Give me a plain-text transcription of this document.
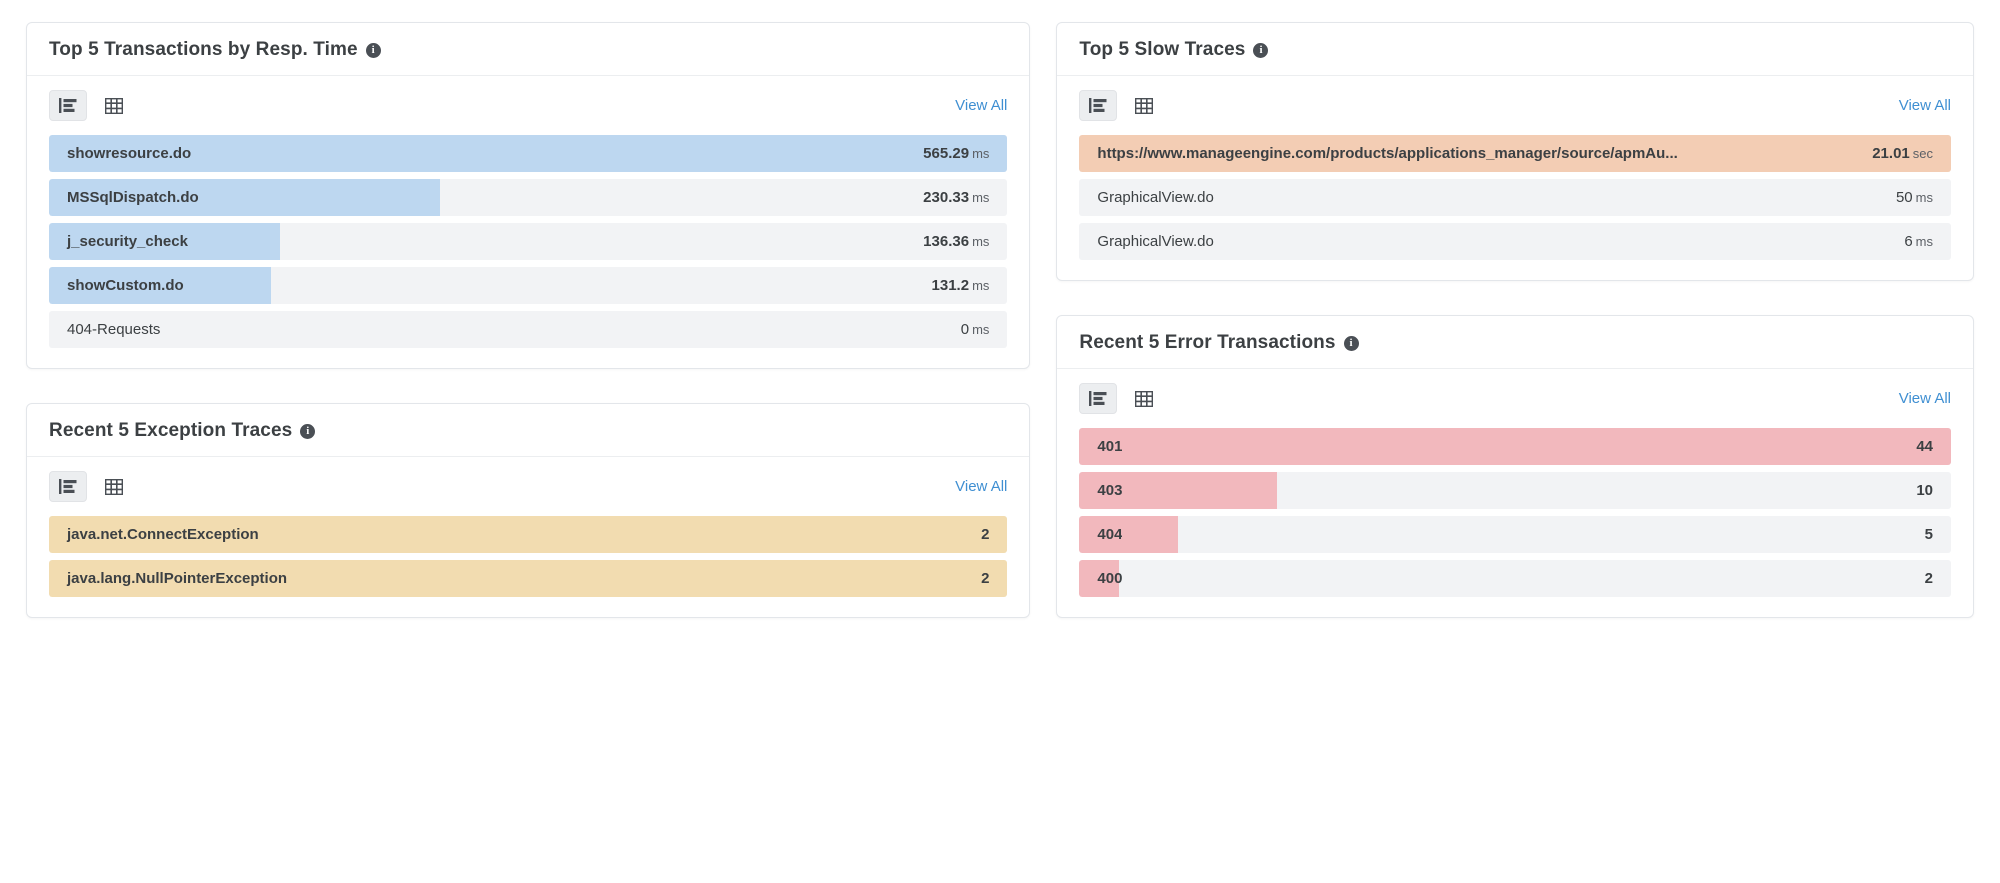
Top 5 Transactions by Resp. Time	i
View All
showresource.do	565.29 ms
MSSqlDispatch.do	230.33 ms
j_security_check	136.36 ms
showCustom.do	131.2 ms
404-Requests	0 ms
Recent 5 Exception Traces	i
View All
java.net.ConnectException	2
java.lang.NullPointerException	2
Top 5 Slow Traces	i
View All
https://www.manageengine.com/products/applications_manager/source/apmAu...	21.01 sec
GraphicalView.do	50 ms
GraphicalView.do	6 ms
Recent 5 Error Transactions	i
View All
401	44
403	10
404	5
400	2
